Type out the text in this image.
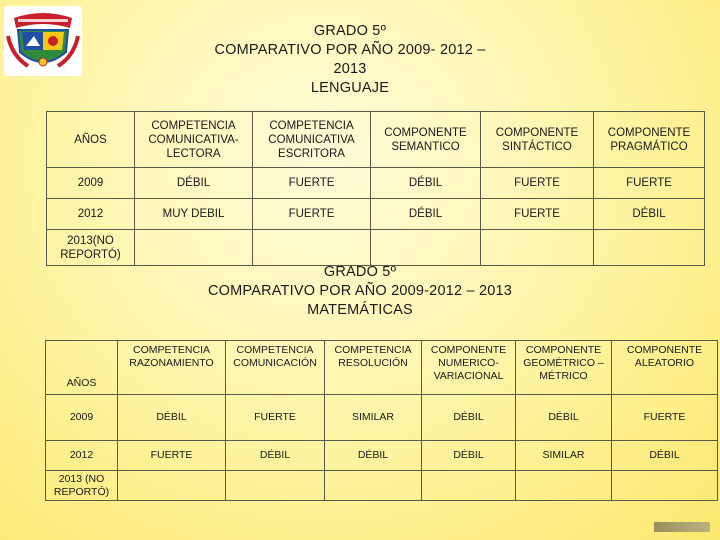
GRADO 5º
COMPARATIVO POR AÑO 2009- 2012 –
2013
LENGUAJE
AÑOS	COMPETENCIA COMUNICATIVA-LECTORA	COMPETENCIA COMUNICATIVA ESCRITORA	COMPONENTE SEMANTICO	COMPONENTE SINTÁCTICO	COMPONENTE PRAGMÁTICO
2009	DÉBIL	FUERTE	DÉBIL	FUERTE	FUERTE
2012	MUY DEBIL	FUERTE	DÉBIL	FUERTE	DÉBIL
2013(NO REPORTÓ)					
GRADO 5º
COMPARATIVO POR AÑO 2009-2012 – 2013
MATEMÁTICAS
AÑOS	COMPETENCIA RAZONAMIENTO	COMPETENCIA COMUNICACIÓN	COMPETENCIA RESOLUCIÓN	COMPONENTE NUMERICO-VARIACIONAL	COMPONENTE GEOMÉTRICO – MÉTRICO	COMPONENTE ALEATORIO
2009	DÉBIL	FUERTE	SIMILAR	DÉBIL	DÉBIL	FUERTE
2012	FUERTE	DÉBIL	DÉBIL	DÉBIL	SIMILAR	DÉBIL
2013 (NO REPORTÓ)						
